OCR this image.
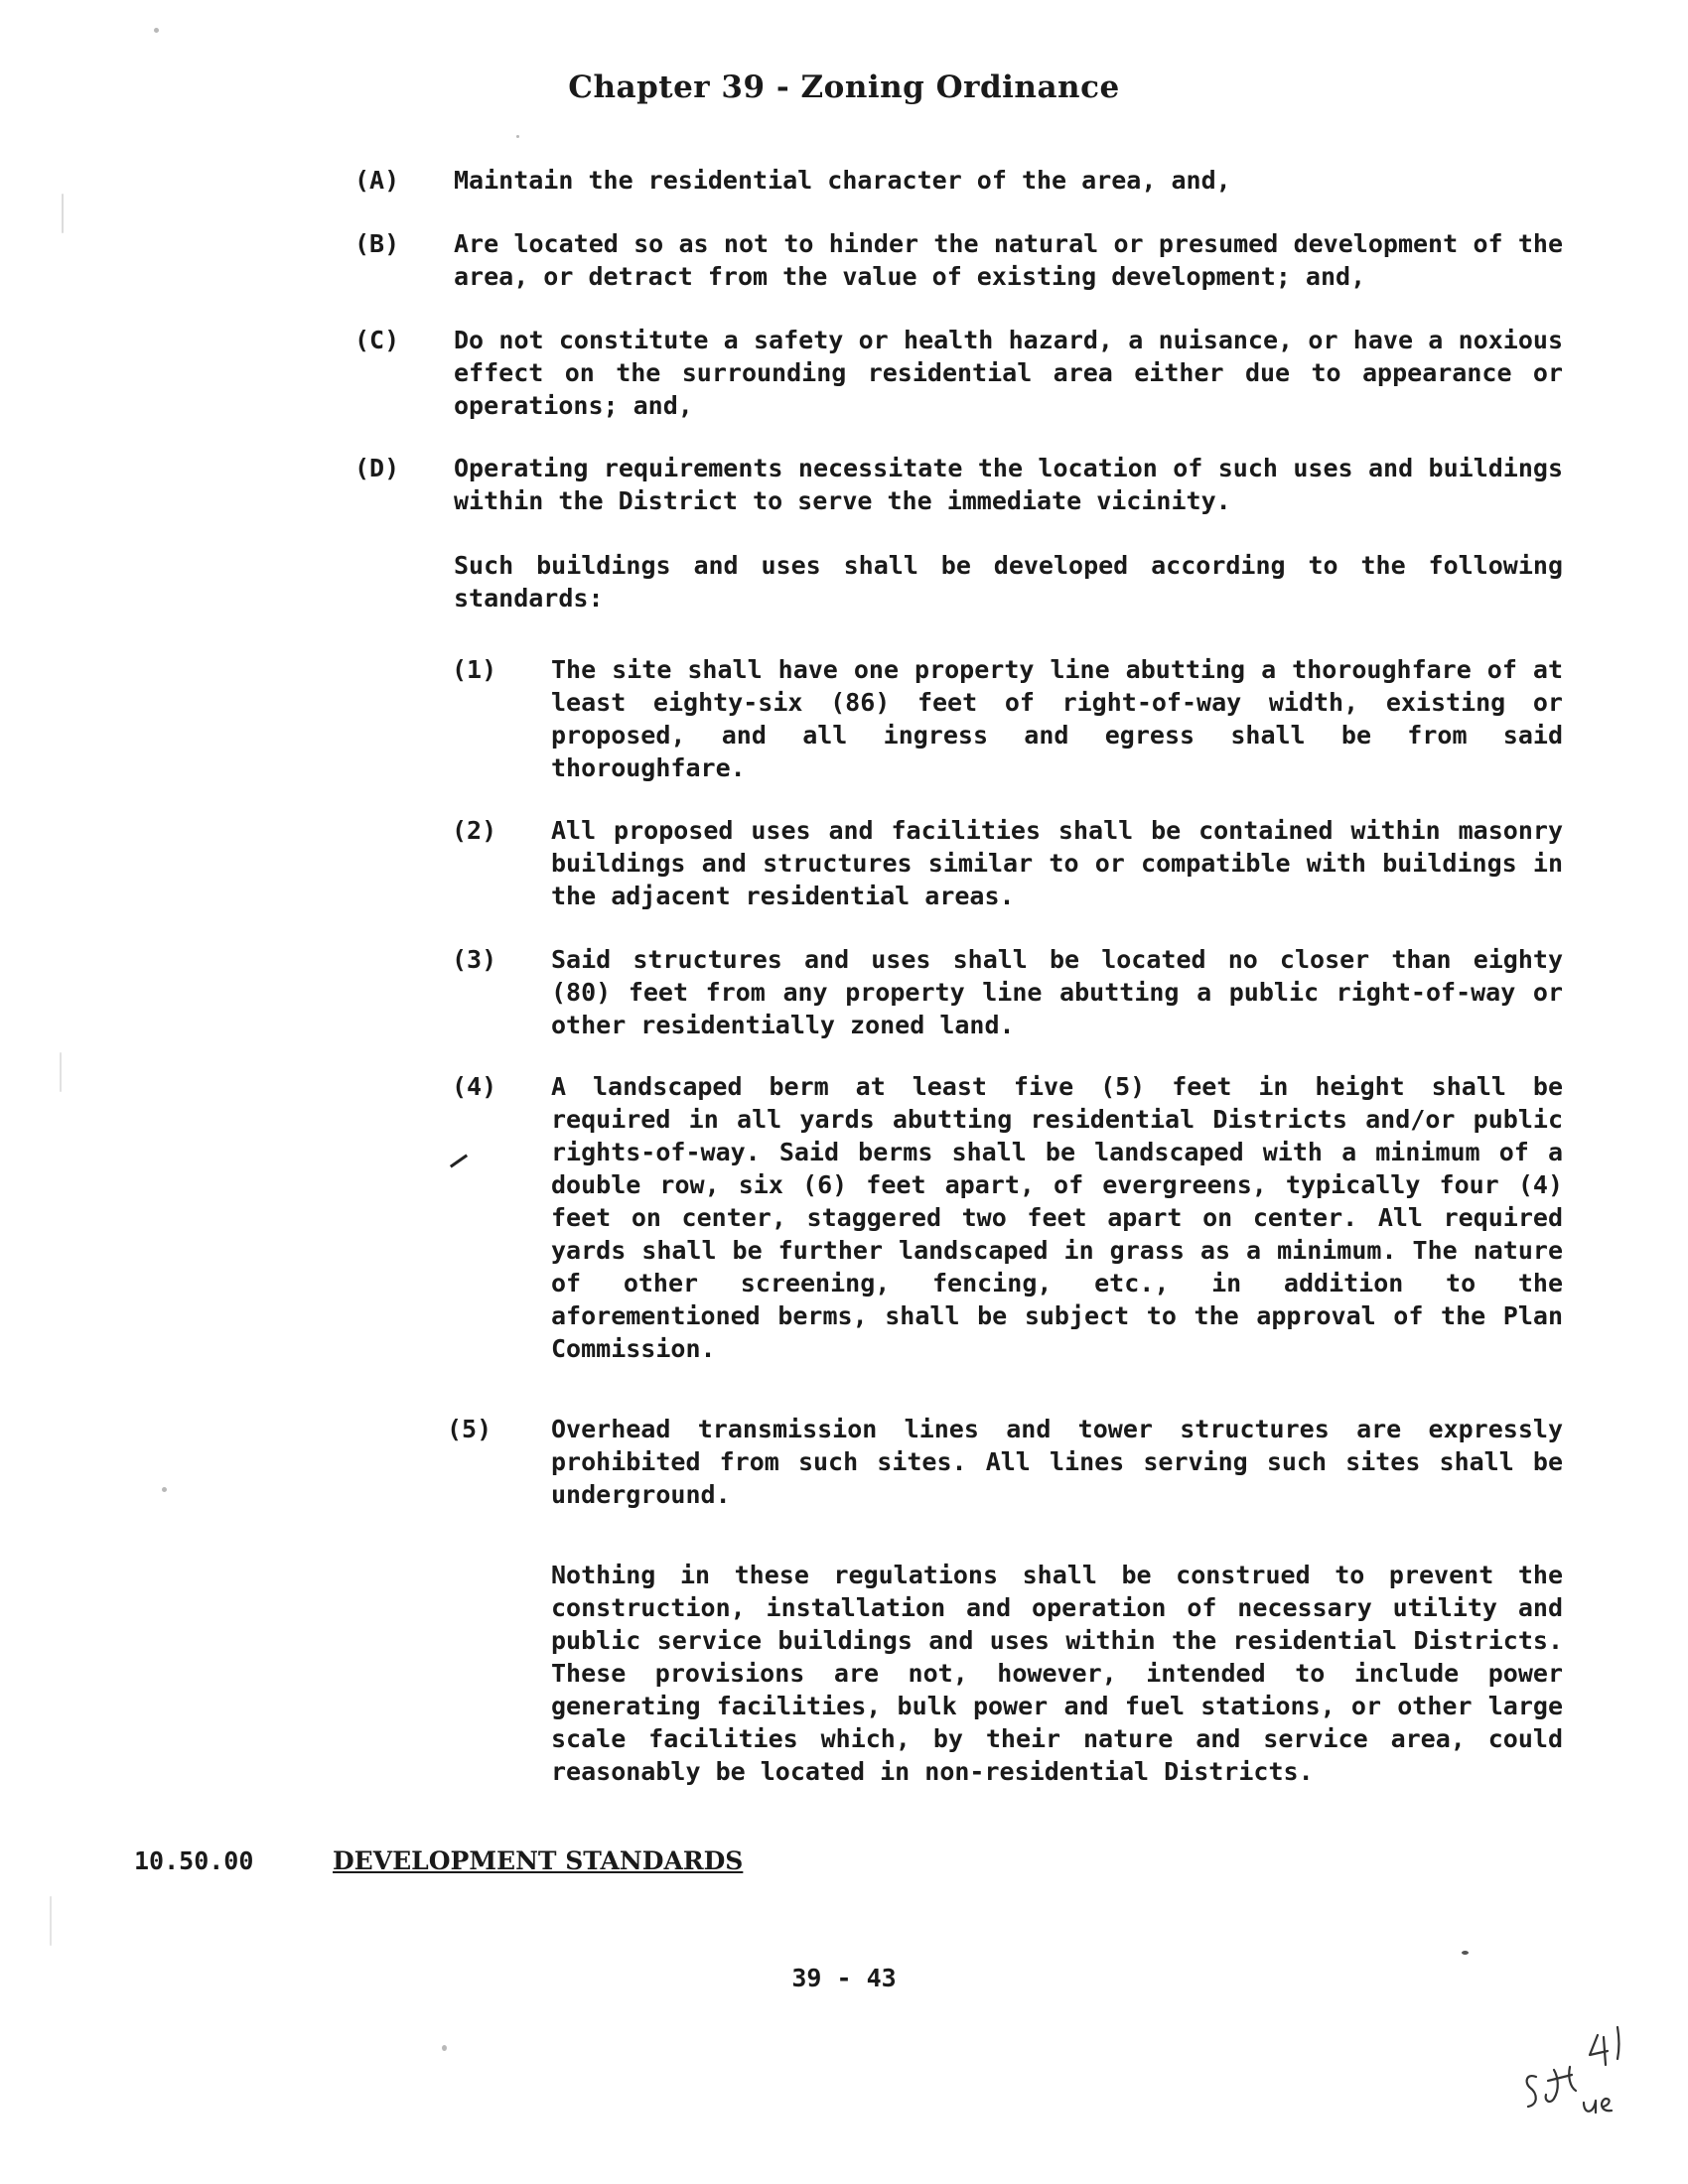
Chapter 39 - Zoning Ordinance
(A)	Maintain the residential character of the area, and,
(B)	Are located so as not to hinder the natural or presumed development of the area, or detract from the value of existing development; and,
(C)	Do not constitute a safety or health hazard, a nuisance, or have a noxious effect on the surrounding residential area either due to appearance or operations; and,
(D)	Operating requirements necessitate the location of such uses and buildings within the District to serve the immediate vicinity.
Such buildings and uses shall be developed according to the following standards:
(1)	The site shall have one property line abutting a thoroughfare of at least eighty-six (86) feet of right-of-way width, existing or proposed, and all ingress and egress shall be from said thoroughfare.
(2)	All proposed uses and facilities shall be contained within masonry buildings and structures similar to or compatible with buildings in the adjacent residential areas.
(3)	Said structures and uses shall be located no closer than eighty (80) feet from any property line abutting a public right-of-way or other residentially zoned land.
(4)	A landscaped berm at least five (5) feet in height shall be required in all yards abutting residential Districts and/or public rights-of-way. Said berms shall be landscaped with a minimum of a double row, six (6) feet apart, of evergreens, typically four (4) feet on center, staggered two feet apart on center. All required yards shall be further landscaped in grass as a minimum. The nature of other screening, fencing, etc., in addition to the aforementioned berms, shall be subject to the approval of the Plan Commission.
(5)	Overhead transmission lines and tower structures are expressly prohibited from such sites. All lines serving such sites shall be underground.
Nothing in these regulations shall be construed to prevent the construction, installation and operation of necessary utility and public service buildings and uses within the residential Districts. These provisions are not, however, intended to include power generating facilities, bulk power and fuel stations, or other large scale facilities which, by their nature and service area, could reasonably be located in non-residential Districts.
10.50.00	DEVELOPMENT STANDARDS
39 - 43
